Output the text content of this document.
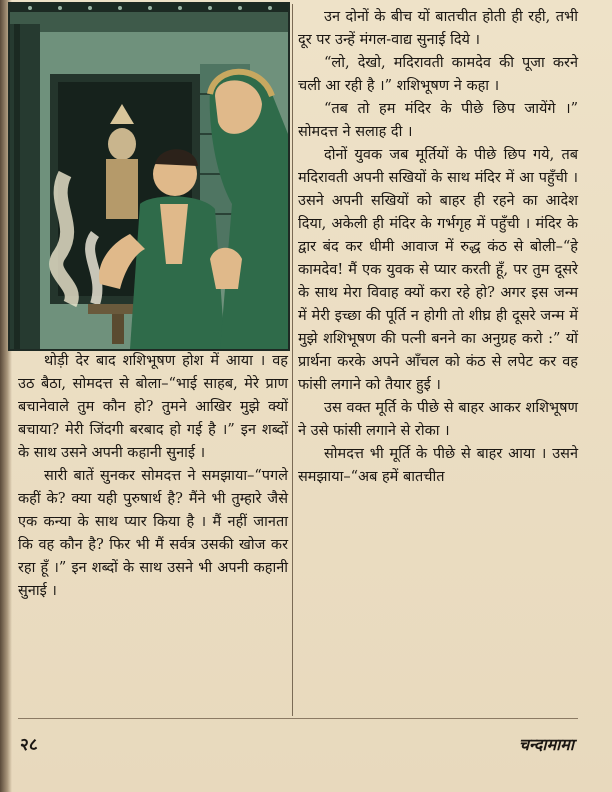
उन दोनों के बीच यों बातचीत होती ही रही, तभी दूर पर उन्हें मंगल-वाद्य सुनाई दिये ।

“लो, देखो, मदिरावती कामदेव की पूजा करने चली आ रही है ।” शशिभूषण ने कहा ।

“तब तो हम मंदिर के पीछे छिप जायेंगे ।” सोमदत्त ने सलाह दी ।

दोनों युवक जब मूर्तियों के पीछे छिप गये, तब मदिरावती अपनी सखियों के साथ मंदिर में आ पहुँची । उसने अपनी सखियों को बाहर ही रहने का आदेश दिया, अकेली ही मंदिर के गर्भगृह में पहुँची । मंदिर के द्वार बंद कर धीमी आवाज में रुद्ध कंठ से बोली–“हे कामदेव! मैं एक युवक से प्यार करती हूँ, पर तुम दूसरे के साथ मेरा विवाह क्यों करा रहे हो? अगर इस जन्म में मेरी इच्छा की पूर्ति न होगी तो शीघ्र ही दूसरे जन्म में मुझे शशिभूषण की पत्नी बनने का अनुग्रह करो :” यों प्रार्थना करके अपने आँचल को कंठ से लपेट कर वह फांसी लगाने को तैयार हुई ।

उस वक्त मूर्ति के पीछे से बाहर आकर शशिभूषण ने उसे फांसी लगाने से रोका ।

सोमदत्त भी मूर्ति के पीछे से बाहर आया । उसने समझाया–“अब हमें बातचीत

थोड़ी देर बाद शशिभूषण होश में आया । वह उठ बैठा, सोमदत्त से बोला–“भाई साहब, मेरे प्राण बचानेवाले तुम कौन हो? तुमने आखिर मुझे क्यों बचाया? मेरी जिंदगी बरबाद हो गई है ।” इन शब्दों के साथ उसने अपनी कहानी सुनाई ।

सारी बातें सुनकर सोमदत्त ने समझाया–“पगले कहीं के? क्या यही पुरुषार्थ है? मैंने भी तुम्हारे जैसे एक कन्या के साथ प्यार किया है । मैं नहीं जानता कि वह कौन है? फिर भी मैं सर्वत्र उसकी खोज कर रहा हूँ ।” इन शब्दों के साथ उसने भी अपनी कहानी सुनाई ।

२८	चन्दामामा
